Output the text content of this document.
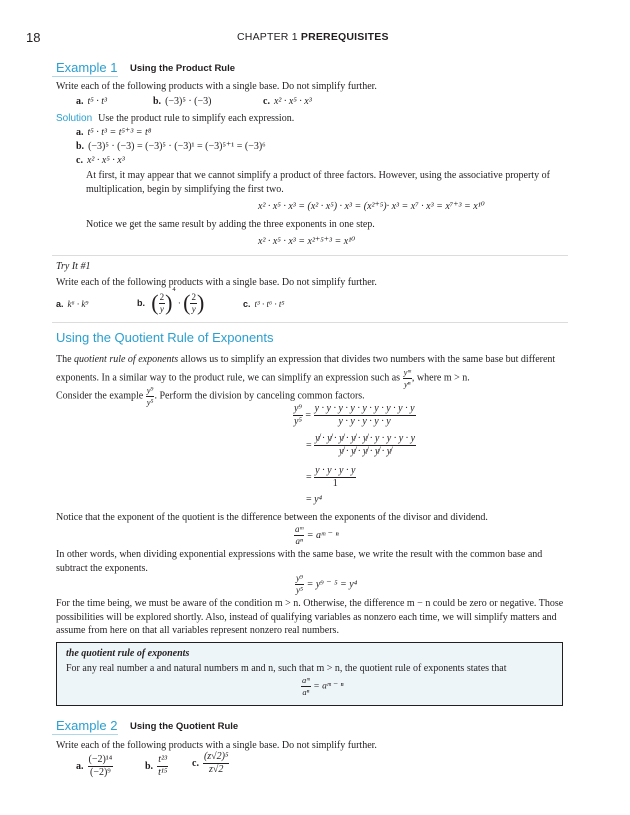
18	CHAPTER 1 PREREQUISITES
Example 1 Using the Product Rule
Write each of the following products with a single base. Do not simplify further.
a. t⁵ · t³	b. (−3)⁵ · (−3)	c. x² · x⁵ · x³
Solution Use the product rule to simplify each expression.
a. t⁵ · t³ = t⁵⁺³ = t⁸
b. (−3)⁵ · (−3) = (−3)⁵ · (−3)¹ = (−3)⁵⁺¹ = (−3)⁶
c. x² · x⁵ · x³
At first, it may appear that we cannot simplify a product of three factors. However, using the associative property of multiplication, begin by simplifying the first two.
x² · x⁵ · x³ = (x² · x⁵) · x³ = (x²⁺⁵)· x³ = x⁷ · x³ = x⁷⁺³ = x¹⁰
Notice we get the same result by adding the three exponents in one step.
x² · x⁵ · x³ = x²⁺⁵⁺³ = x¹⁰
Try It #1
Write each of the following products with a single base. Do not simplify further.
a. k⁶ · k⁹	b. ( $\frac{2}{y} )^4$ · ( $\frac{2}{y}$ )	c. t³ · t⁶ · t⁵
Using the Quotient Rule of Exponents
The quotient rule of exponents allows us to simplify an expression that divides two numbers with the same base but different exponents. In a similar way to the product rule, we can simplify an expression such as $\frac{\text{yᵐ}}{\text{yⁿ}}$ , where m > n.
Consider the example $\frac{\text{y⁹}}{\text{y⁵}}$ . Perform the division by canceling common factors.
$\frac{\text{y⁹}}{\text{y⁵}} = \frac{y \cdot y \cdot y \cdot y \cdot y \cdot y \cdot y \cdot y \cdot y}{y \cdot y \cdot y \cdot y \cdot y}$
= $\frac{y̸ \cdot y̸ \cdot y̸ \cdot y̸ \cdot y̸ \cdot y \cdot y \cdot y \cdot y}{y̸ \cdot y̸ \cdot y̸ \cdot y̸ \cdot y̸}$
= $\frac{y \cdot y \cdot y \cdot y}{1}$
= y⁴
Notice that the exponent of the quotient is the difference between the exponents of the divisor and dividend.
$\frac{\text{aᵐ}}{\text{aⁿ}}$ = aᵐ ⁻ ⁿ
In other words, when dividing exponential expressions with the same base, we write the result with the common base and subtract the exponents.
$\frac{\text{y⁹}}{\text{y⁵}} = y^9$ ⁻ ⁵ = y⁴
For the time being, we must be aware of the condition m > n. Otherwise, the difference m − n could be zero or negative. Those possibilities will be explored shortly. Also, instead of qualifying variables as nonzero each time, we will simplify matters and assume from here on that all variables represent nonzero real numbers.
the quotient rule of exponents
For any real number a and natural numbers m and n, such that m > n, the quotient rule of exponents states that
$\frac{\text{aᵐ}}{\text{aⁿ}}$ = aᵐ ⁻ ⁿ
Example 2 Using the Quotient Rule
Write each of the following products with a single base. Do not simplify further.
a. $\frac{\text{(−2)¹⁴}}{\text{(−2)⁹}}$	b. $\frac{\text{t²³}}{\text{t¹⁵}} c$. $\frac{\text{(z√2)⁵}}{z√2}$
